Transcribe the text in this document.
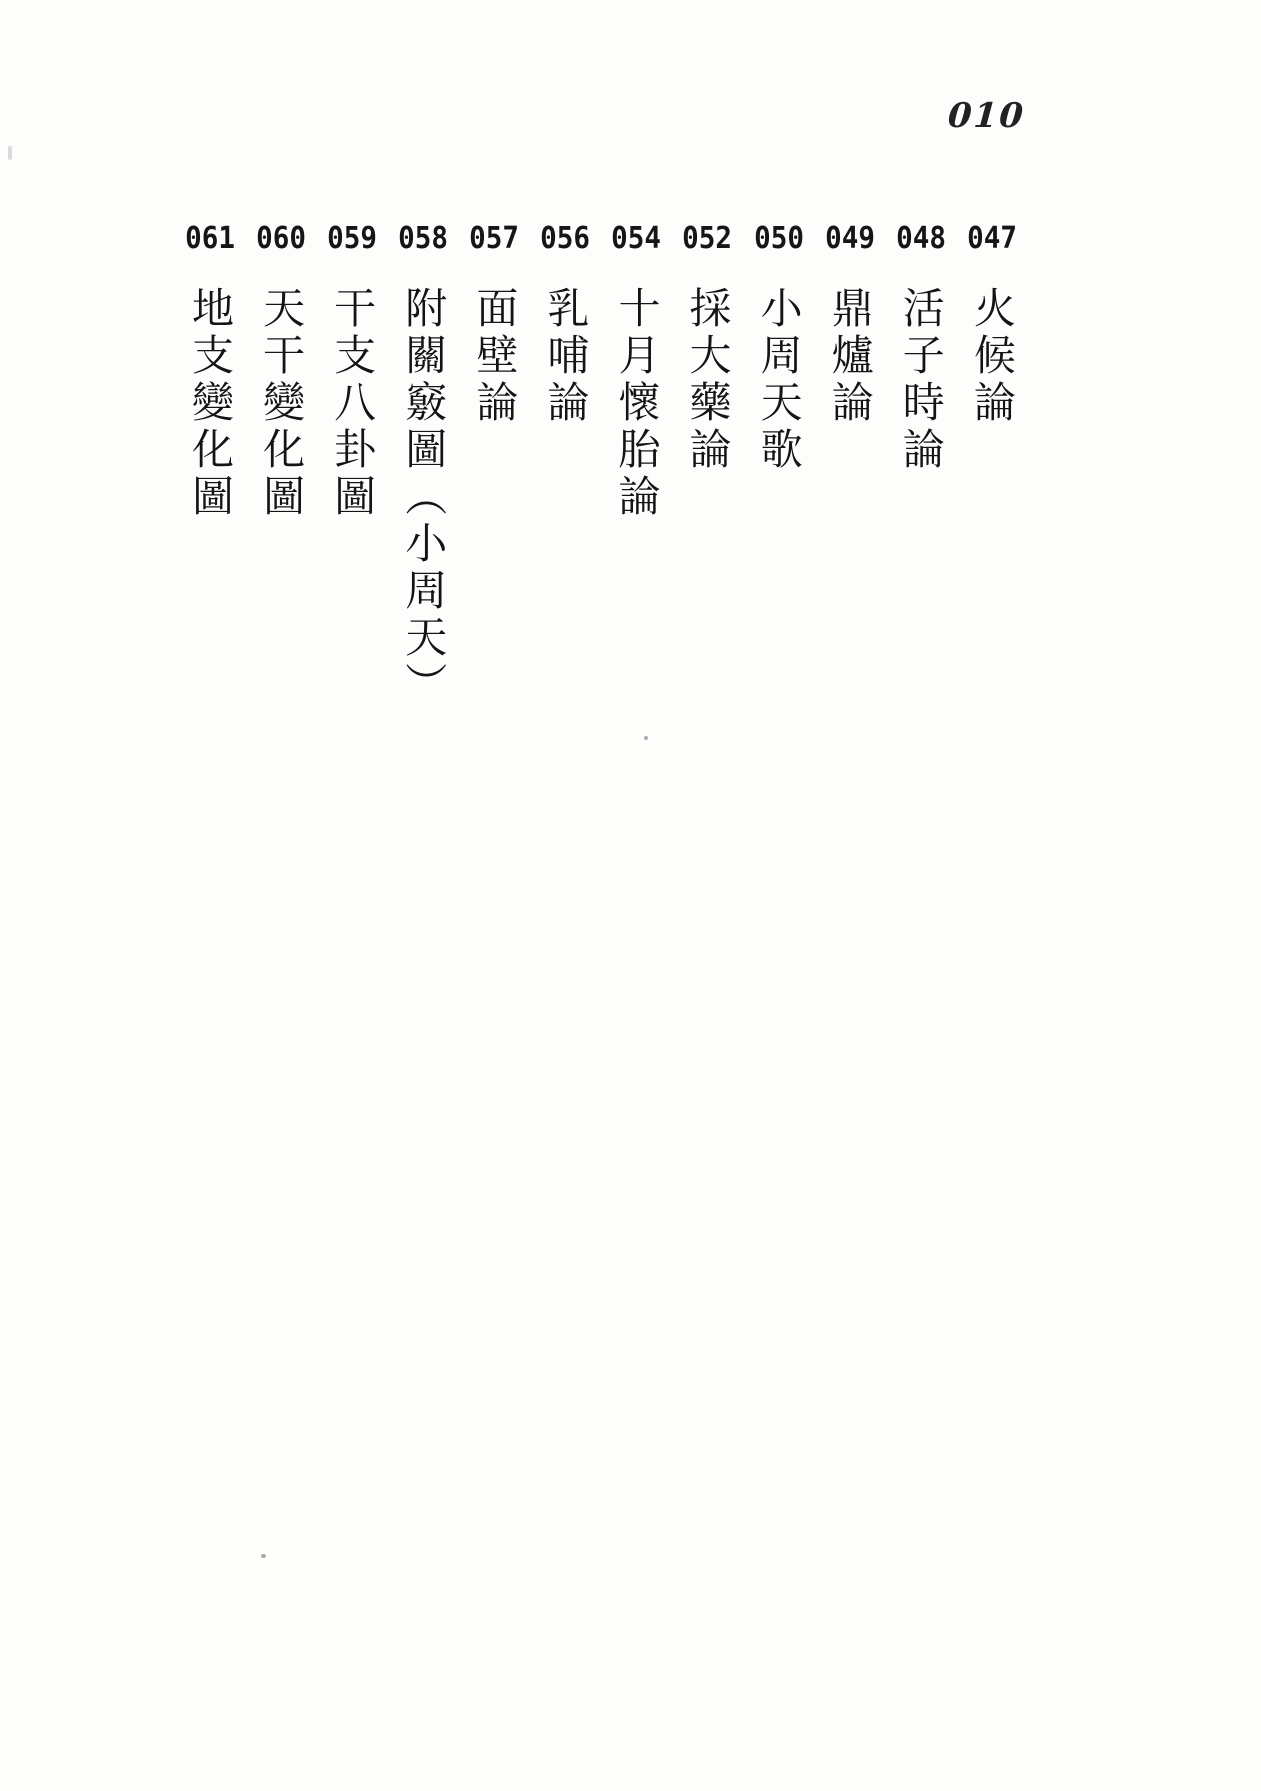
010
047
火候論
048
活子時論
049
鼎爐論
050
小周天歌
052
採大藥論
054
十月懷胎論
056
乳哺論
057
面壁論
058
附關竅圖（小周天）
059
干支八卦圖
060
天干變化圖
061
地支變化圖
